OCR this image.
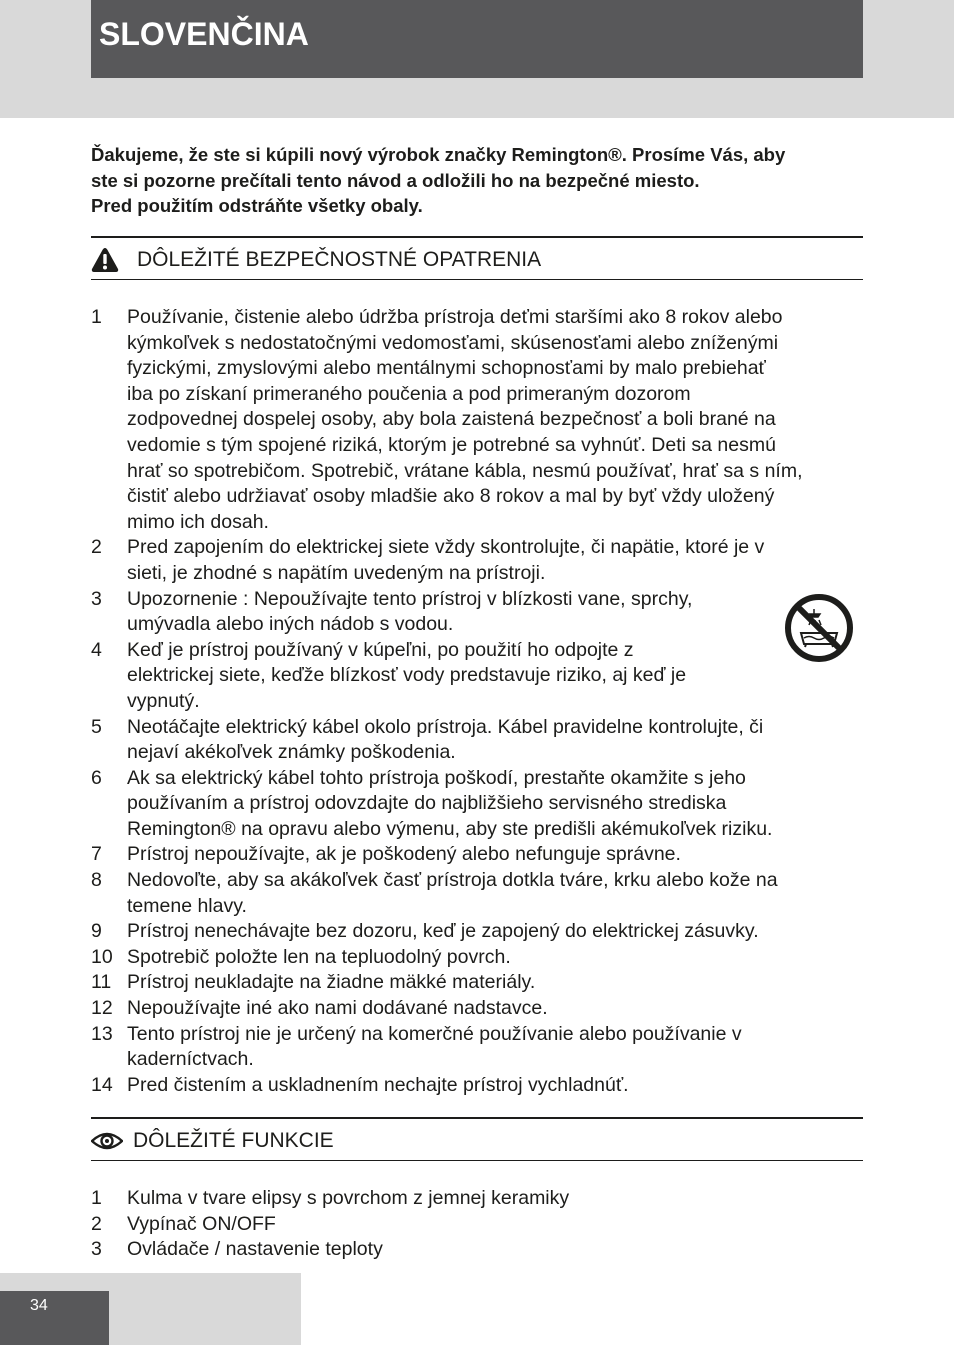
SLOVENČINA
Ďakujeme, že ste si kúpili nový výrobok značky Remington®. Prosíme Vás, aby
ste si pozorne prečítali tento návod a odložili ho na bezpečné miesto.
Pred použitím odstráňte všetky obaly.
DÔLEŽITÉ BEZPEČNOSTNÉ OPATRENIA
1	Používanie, čistenie alebo údržba prístroja deťmi staršími ako 8 rokov alebo
kýmkoľvek s nedostatočnými vedomosťami, skúsenosťami alebo zníženými
fyzickými, zmyslovými alebo mentálnymi schopnosťami by malo prebiehať
iba po získaní primeraného poučenia a pod primeraným dozorom
zodpovednej dospelej osoby, aby bola zaistená bezpečnosť a boli brané na
vedomie s tým spojené riziká, ktorým je potrebné sa vyhnúť. Deti sa nesmú
hrať so spotrebičom. Spotrebič, vrátane kábla, nesmú používať, hrať sa s ním,
čistiť alebo udržiavať osoby mladšie ako 8 rokov a mal by byť vždy uložený
mimo ich dosah.
2	Pred zapojením do elektrickej siete vždy skontrolujte, či napätie, ktoré je v
sieti, je zhodné s napätím uvedeným na prístroji.
3	Upozornenie : Nepoužívajte tento prístroj v blízkosti vane, sprchy,
umývadla alebo iných nádob s vodou.
4	Keď je prístroj používaný v kúpeľni, po použití ho odpojte z
elektrickej siete, keďže blízkosť vody predstavuje riziko, aj keď je
vypnutý.
5	Neotáčajte elektrický kábel okolo prístroja. Kábel pravidelne kontrolujte, či
nejaví akékoľvek známky poškodenia.
6	Ak sa elektrický kábel tohto prístroja poškodí, prestaňte okamžite s jeho
používaním a prístroj odovzdajte do najbližšieho servisného strediska
Remington® na opravu alebo výmenu, aby ste predišli akémukoľvek riziku.
7	Prístroj nepoužívajte, ak je poškodený alebo nefunguje správne.
8	Nedovoľte, aby sa akákoľvek časť prístroja dotkla tváre, krku alebo kože na
temene hlavy.
9	Prístroj nenechávajte bez dozoru, keď je zapojený do elektrickej zásuvky.
10 Spotrebič položte len na tepluodolný povrch.
11 Prístroj neukladajte na žiadne mäkké materiály.
12 Nepoužívajte iné ako nami dodávané nadstavce.
13 Tento prístroj nie je určený na komerčné používanie alebo používanie v
kaderníctvach.
14 Pred čistením a uskladnením nechajte prístroj vychladnúť.
DÔLEŽITÉ FUNKCIE
1	Kulma v tvare elipsy s povrchom z jemnej keramiky
2	Vypínač ON/OFF
3	Ovládače / nastavenie teploty
34
